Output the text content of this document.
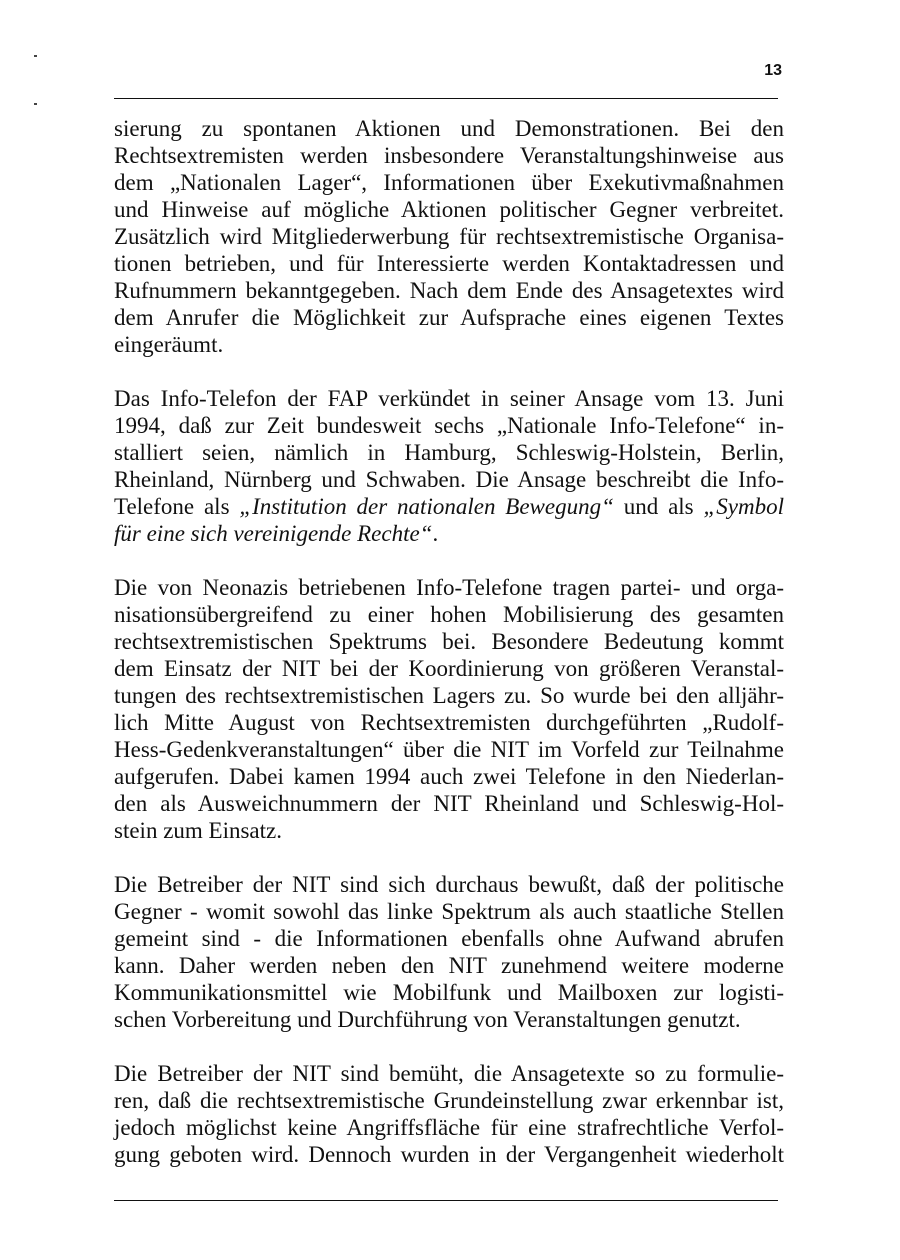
13

sierung zu spontanen Aktionen und Demonstrationen. Bei den
Rechtsextremisten werden insbesondere Veranstaltungshinweise aus
dem „Nationalen Lager“, Informationen über Exekutivmaßnahmen
und Hinweise auf mögliche Aktionen politischer Gegner verbreitet.
Zusätzlich wird Mitgliederwerbung für rechtsextremistische Organisa-
tionen betrieben, und für Interessierte werden Kontaktadressen und
Rufnummern bekanntgegeben. Nach dem Ende des Ansagetextes wird
dem Anrufer die Möglichkeit zur Aufsprache eines eigenen Textes
eingeräumt.

Das Info-Telefon der FAP verkündet in seiner Ansage vom 13. Juni
1994, daß zur Zeit bundesweit sechs „Nationale Info-Telefone“ in-
stalliert seien, nämlich in Hamburg, Schleswig-Holstein, Berlin,
Rheinland, Nürnberg und Schwaben. Die Ansage beschreibt die Info-
Telefone als „Institution der nationalen Bewegung“ und als „Symbol
für eine sich vereinigende Rechte“.

Die von Neonazis betriebenen Info-Telefone tragen partei- und orga-
nisationsübergreifend zu einer hohen Mobilisierung des gesamten
rechtsextremistischen Spektrums bei. Besondere Bedeutung kommt
dem Einsatz der NIT bei der Koordinierung von größeren Veranstal-
tungen des rechtsextremistischen Lagers zu. So wurde bei den alljähr-
lich Mitte August von Rechtsextremisten durchgeführten „Rudolf-
Hess-Gedenkveranstaltungen“ über die NIT im Vorfeld zur Teilnahme
aufgerufen. Dabei kamen 1994 auch zwei Telefone in den Niederlan-
den als Ausweichnummern der NIT Rheinland und Schleswig-Hol-
stein zum Einsatz.

Die Betreiber der NIT sind sich durchaus bewußt, daß der politische
Gegner - womit sowohl das linke Spektrum als auch staatliche Stellen
gemeint sind - die Informationen ebenfalls ohne Aufwand abrufen
kann. Daher werden neben den NIT zunehmend weitere moderne
Kommunikationsmittel wie Mobilfunk und Mailboxen zur logisti-
schen Vorbereitung und Durchführung von Veranstaltungen genutzt.

Die Betreiber der NIT sind bemüht, die Ansagetexte so zu formulie-
ren, daß die rechtsextremistische Grundeinstellung zwar erkennbar ist,
jedoch möglichst keine Angriffsfläche für eine strafrechtliche Verfol-
gung geboten wird. Dennoch wurden in der Vergangenheit wiederholt
